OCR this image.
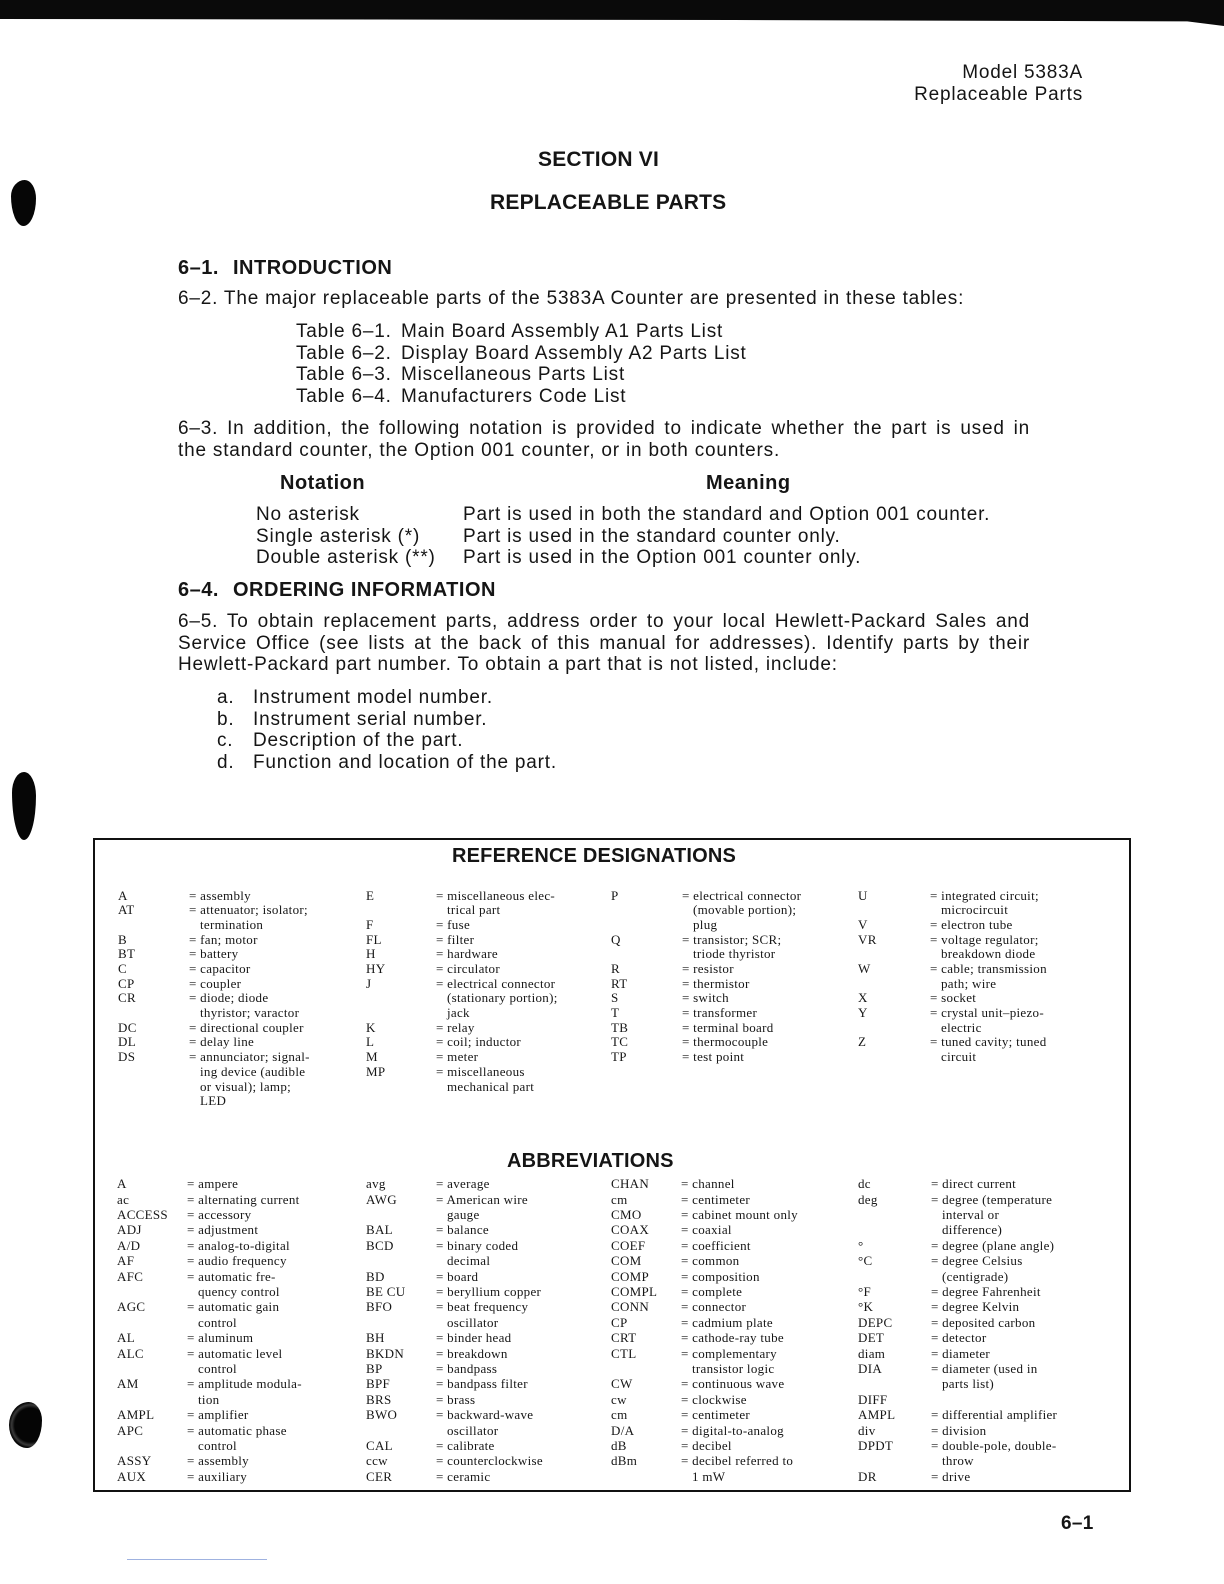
Model 5383A
Replaceable Parts
SECTION VI
REPLACEABLE PARTS
6–1. INTRODUCTION
6–2. The major replaceable parts of the 5383A Counter are presented in these tables:
Table 6–1. Main Board Assembly A1 Parts List
Table 6–2. Display Board Assembly A2 Parts List
Table 6–3. Miscellaneous Parts List
Table 6–4. Manufacturers Code List
6–3. In addition, the following notation is provided to indicate whether the part is used in
the standard counter, the Option 001 counter, or in both counters.
Notation	Meaning
No asterisk	Part is used in both the standard and Option 001 counter.
Single asterisk (*) Part is used in the standard counter only.
Double asterisk (**) Part is used in the Option 001 counter only.
6–4. ORDERING INFORMATION
6–5. To obtain replacement parts, address order to your local Hewlett-Packard Sales and
Service Office (see lists at the back of this manual for addresses). Identify parts by their
Hewlett-Packard part number. To obtain a part that is not listed, include:
a. Instrument model number.
b. Instrument serial number.
c. Description of the part.
d. Function and location of the part.
REFERENCE DESIGNATIONS
A	= assembly
AT	= attenuator; isolator;
termination
B	= fan; motor
BT	= battery
C	= capacitor
CP	= coupler
CR	= diode; diode
thyristor; varactor
DC	= directional coupler
DL	= delay line
DS	= annunciator; signal-
ing device (audible
or visual); lamp;
LED
E	= miscellaneous elec-
trical part
F	= fuse
FL	= filter
H	= hardware
HY	= circulator
J	= electrical connector
(stationary portion);
jack
K	= relay
L	= coil; inductor
M	= meter
MP	= miscellaneous
mechanical part
P	= electrical connector
(movable portion);
plug
Q	= transistor; SCR;
triode thyristor
R	= resistor
RT	= thermistor
S	= switch
T	= transformer
TB	= terminal board
TC	= thermocouple
TP	= test point
U	= integrated circuit;
microcircuit
V	= electron tube
VR	= voltage regulator;
breakdown diode
W	= cable; transmission
path; wire
X	= socket
Y	= crystal unit–piezo-
electric
Z	= tuned cavity; tuned
circuit
ABBREVIATIONS
A	= ampere
ac	= alternating current
ACCESS = accessory
ADJ	= adjustment
A/D	= analog-to-digital
AF	= audio frequency
AFC	= automatic fre-
quency control
AGC	= automatic gain
control
AL	= aluminum
ALC	= automatic level
control
AM	= amplitude modula-
tion
AMPL	= amplifier
APC	= automatic phase
control
ASSY	= assembly
AUX	= auxiliary
avg	= average
AWG	= American wire
gauge
BAL	= balance
BCD	= binary coded
decimal
BD	= board
BE CU = beryllium copper
BFO	= beat frequency
oscillator
BH	= binder head
BKDN = breakdown
BP	= bandpass
BPF	= bandpass filter
BRS	= brass
BWO	= backward-wave
oscillator
CAL	= calibrate
ccw	= counterclockwise
CER	= ceramic
CHAN = channel
cm	= centimeter
CMO	= cabinet mount only
COAX = coaxial
COEF	= coefficient
COM	= common
COMP = composition
COMPL = complete
CONN = connector
CP	= cadmium plate
CRT	= cathode-ray tube
CTL	= complementary
transistor logic
CW	= continuous wave
cw	= clockwise
cm	= centimeter
D/A	= digital-to-analog
dB	= decibel
dBm	= decibel referred to
1 mW
dc	= direct current
deg	= degree (temperature
interval or
difference)
°	= degree (plane angle)
°C	= degree Celsius
(centigrade)
°F	= degree Fahrenheit
°K	= degree Kelvin
DEPC	= deposited carbon
DET	= detector
diam	= diameter
DIA	= diameter (used in
parts list)
DIFF
AMPL	= differential amplifier
div	= division
DPDT	= double-pole, double-
throw
DR	= drive
6–1
